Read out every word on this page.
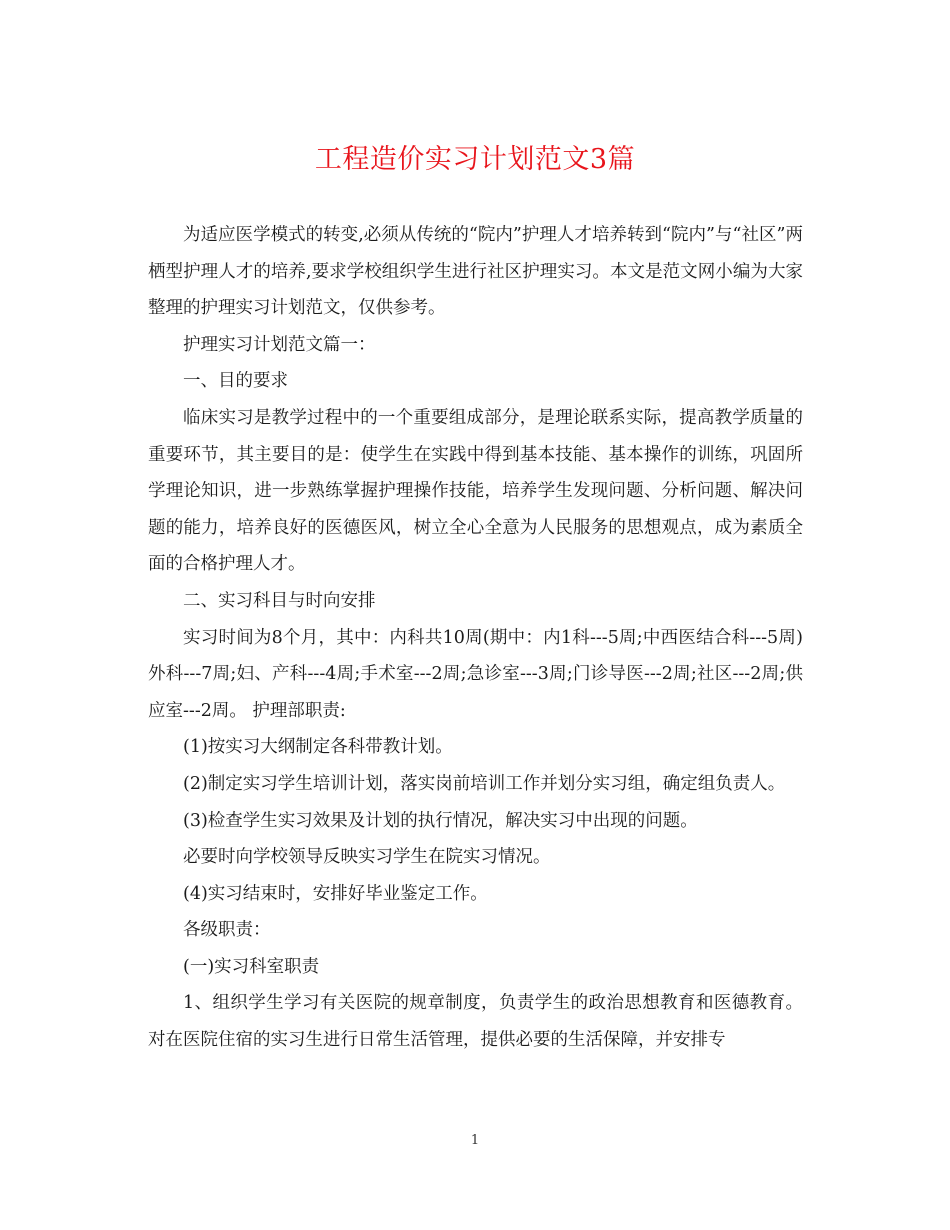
工程造价实习计划范文3篇

为适应医学模式的转变,必须从传统的“院内”护理人才培养转到“院内”与“社区”两栖型护理人才的培养,要求学校组织学生进行社区护理实习。本文是范文网小编为大家整理的护理实习计划范文，仅供参考。

护理实习计划范文篇一：

一、目的要求

临床实习是教学过程中的一个重要组成部分，是理论联系实际，提高教学质量的重要环节，其主要目的是：使学生在实践中得到基本技能、基本操作的训练，巩固所学理论知识，进一步熟练掌握护理操作技能，培养学生发现问题、分析问题、解决问题的能力，培养良好的医德医风，树立全心全意为人民服务的思想观点，成为素质全面的合格护理人才。

二、实习科目与时向安排

实习时间为8个月，其中：内科共10周(期中：内1科---5周;中西医结合科---5周)外科---7周;妇、产科---4周;手术室---2周;急诊室---3周;门诊导医---2周;社区---2周;供应室---2周。 护理部职责:

(1)按实习大纲制定各科带教计划。

(2)制定实习学生培训计划，落实岗前培训工作并划分实习组，确定组负责人。

(3)检查学生实习效果及计划的执行情况，解决实习中出现的问题。

必要时向学校领导反映实习学生在院实习情况。

(4)实习结束时，安排好毕业鉴定工作。

各级职责：

(一)实习科室职责

1、组织学生学习有关医院的规章制度，负责学生的政治思想教育和医德教育。对在医院住宿的实习生进行日常生活管理，提供必要的生活保障，并安排专

1
